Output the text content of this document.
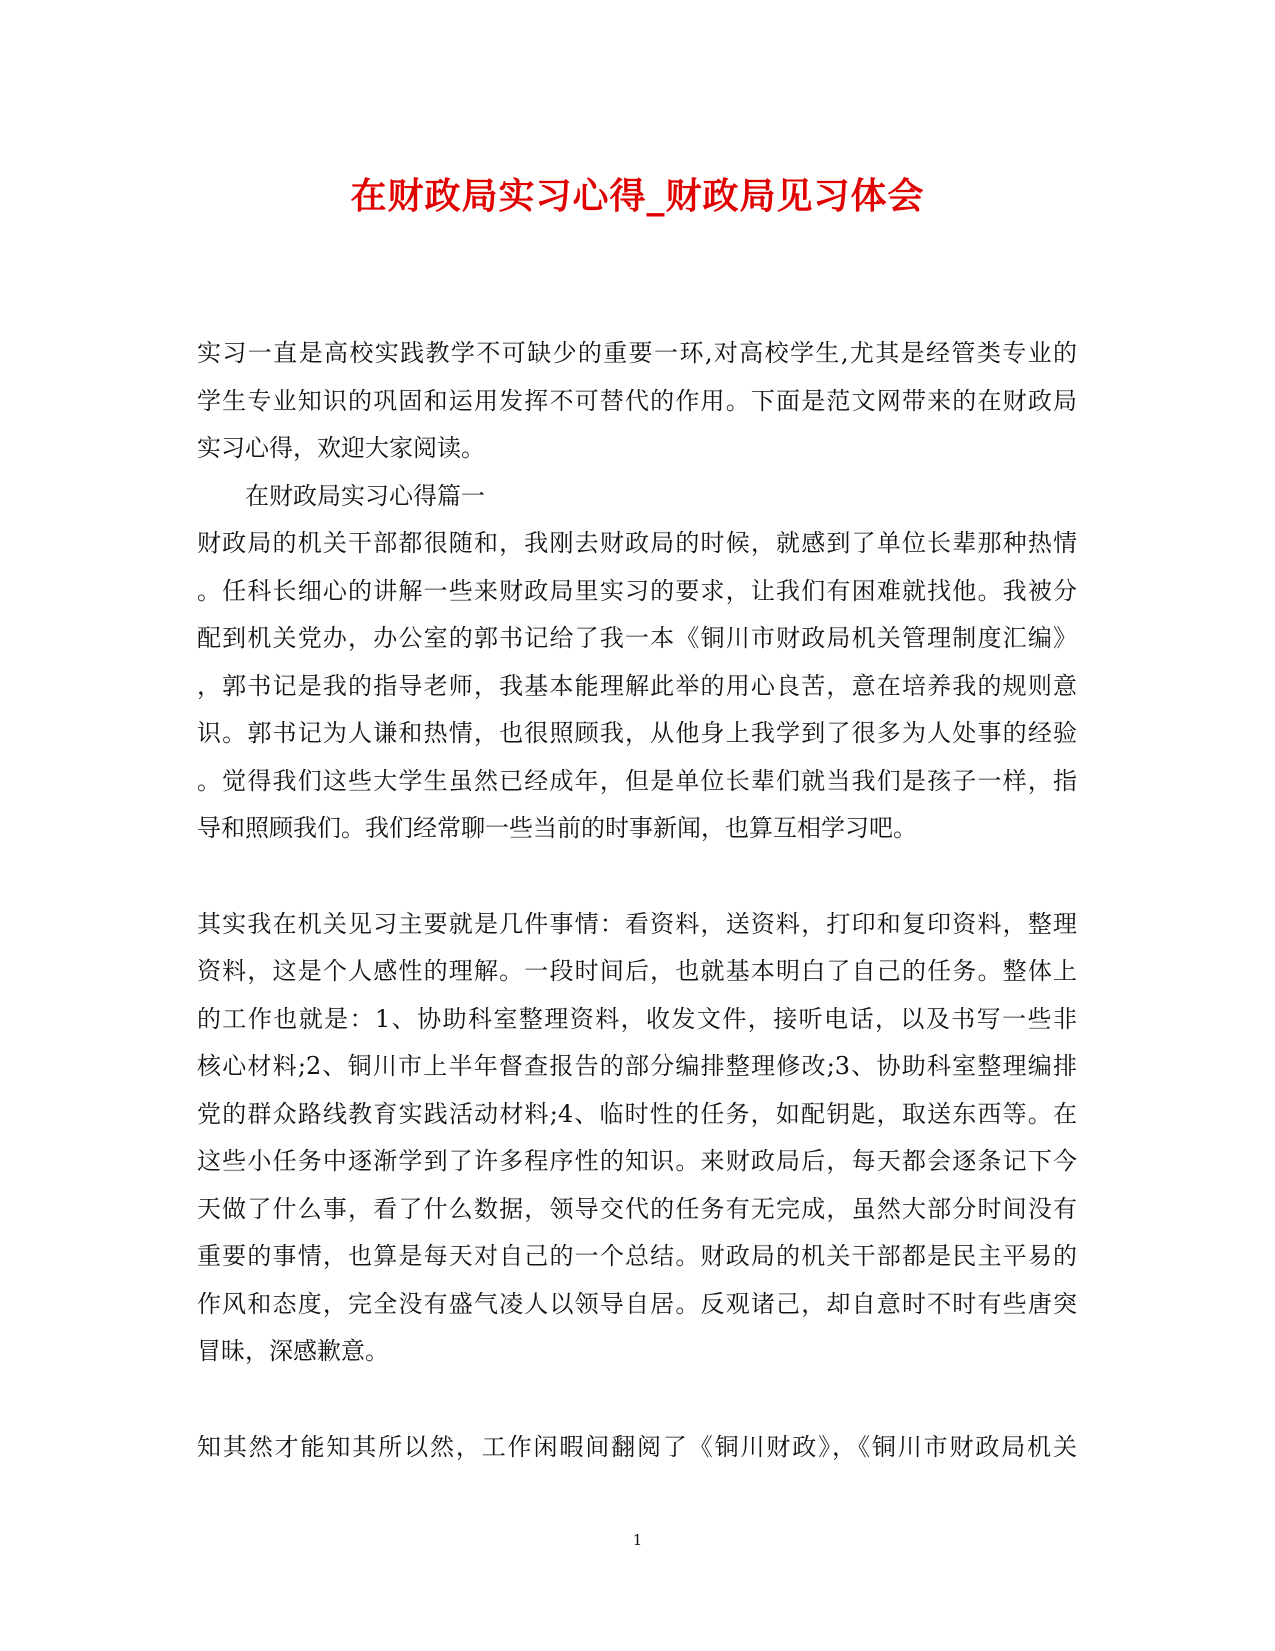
在财政局实习心得_财政局见习体会
实习一直是高校实践教学不可缺少的重要一环,对高校学生,尤其是经管类专业的
学生专业知识的巩固和运用发挥不可替代的作用。下面是范文网带来的在财政局
实习心得，欢迎大家阅读。
在财政局实习心得篇一
财政局的机关干部都很随和，我刚去财政局的时候，就感到了单位长辈那种热情
。任科长细心的讲解一些来财政局里实习的要求，让我们有困难就找他。我被分
配到机关党办，办公室的郭书记给了我一本《铜川市财政局机关管理制度汇编》
，郭书记是我的指导老师，我基本能理解此举的用心良苦，意在培养我的规则意
识。郭书记为人谦和热情，也很照顾我，从他身上我学到了很多为人处事的经验
。觉得我们这些大学生虽然已经成年，但是单位长辈们就当我们是孩子一样，指
导和照顾我们。我们经常聊一些当前的时事新闻，也算互相学习吧。
其实我在机关见习主要就是几件事情：看资料，送资料，打印和复印资料，整理
资料，这是个人感性的理解。一段时间后，也就基本明白了自己的任务。整体上
的工作也就是：1、协助科室整理资料，收发文件，接听电话，以及书写一些非
核心材料;2、铜川市上半年督查报告的部分编排整理修改;3、协助科室整理编排
党的群众路线教育实践活动材料;4、临时性的任务，如配钥匙，取送东西等。在
这些小任务中逐渐学到了许多程序性的知识。来财政局后，每天都会逐条记下今
天做了什么事，看了什么数据，领导交代的任务有无完成，虽然大部分时间没有
重要的事情，也算是每天对自己的一个总结。财政局的机关干部都是民主平易的
作风和态度，完全没有盛气凌人以领导自居。反观诸己，却自意时不时有些唐突
冒昧，深感歉意。
知其然才能知其所以然，工作闲暇间翻阅了《铜川财政》，《铜川市财政局机关
1
